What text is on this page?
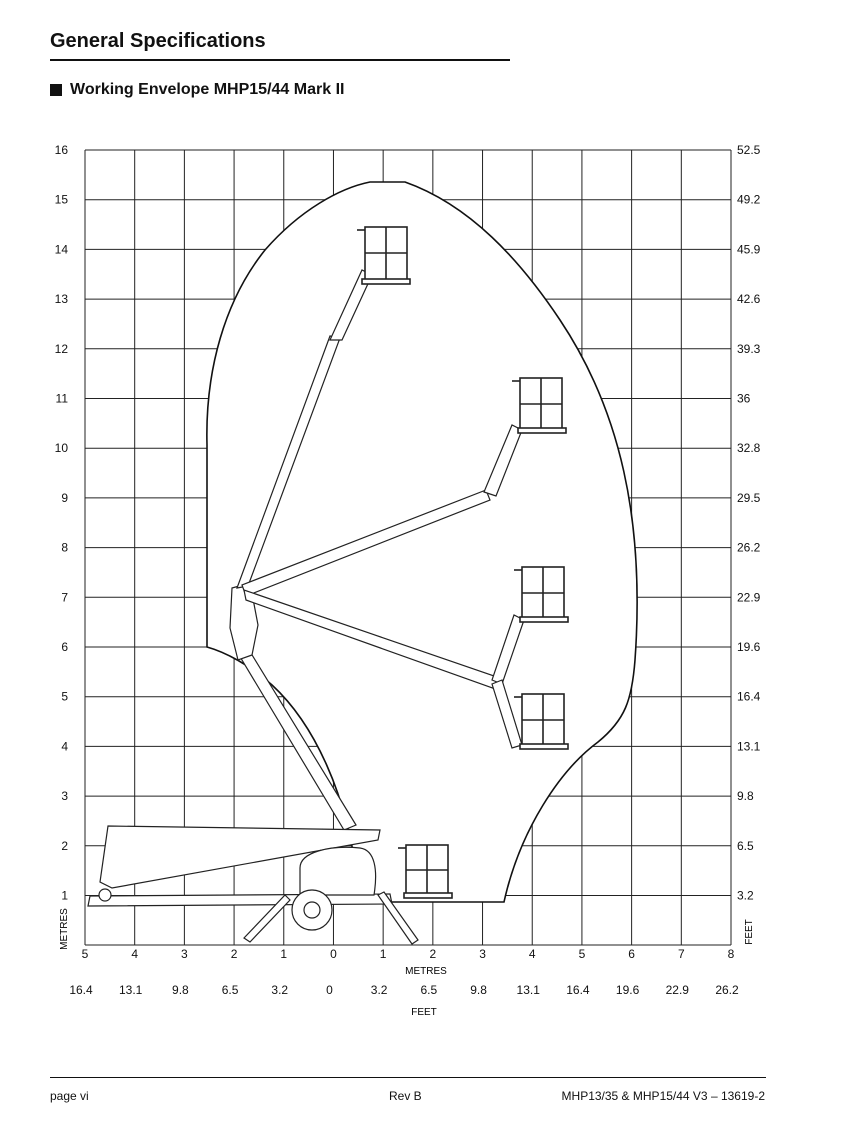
General Specifications
Working Envelope MHP15/44 Mark II
16
15
14
13
12
11
10
9
8
7
6
5
4
3
2
1
52.5
49.2
45.9
42.6
39.3
36
32.8
29.5
26.2
22.9
19.6
16.4
13.1
9.8
6.5
3.2
5	4	3	2	1	0	1	2	3	4	5	6	7	8
16.4 13.1 9.8	6.5	3.2	0	3.2	6.5	9.8 13.1 16.4 19.6 22.9 26.2
METRES
FEET
METRES	FEET
page vi	Rev B	MHP13/35 & MHP15/44 V3 – 13619-2
